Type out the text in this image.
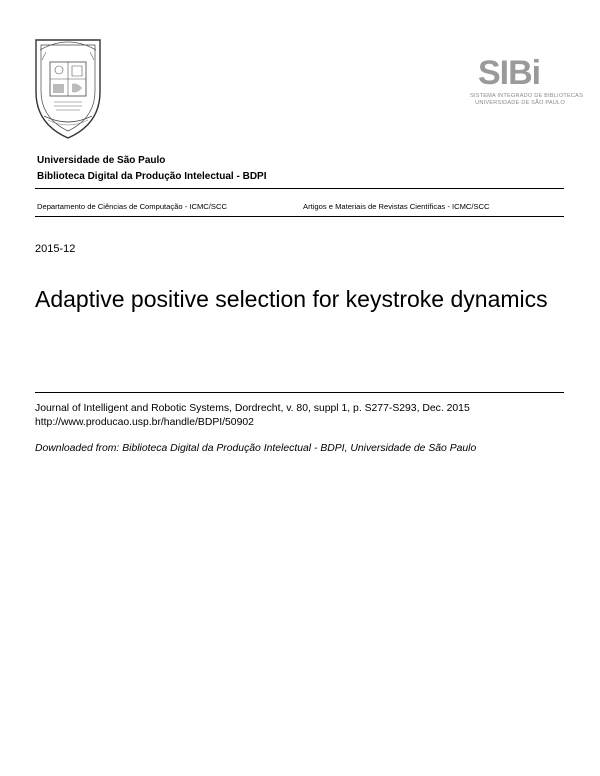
SIBi
SISTEMA INTEGRADO DE BIBLIOTECAS
UNIVERSIDADE DE SÃO PAULO
Universidade de São Paulo
Biblioteca Digital da Produção Intelectual - BDPI
Departamento de Ciências de Computação - ICMC/SCC	Artigos e Materiais de Revistas Científicas - ICMC/SCC
2015-12
Adaptive positive selection for keystroke dynamics
Journal of Intelligent and Robotic Systems, Dordrecht, v. 80, suppl 1, p. S277-S293, Dec. 2015
http://www.producao.usp.br/handle/BDPI/50902
Downloaded from: Biblioteca Digital da Produção Intelectual - BDPI, Universidade de São Paulo
